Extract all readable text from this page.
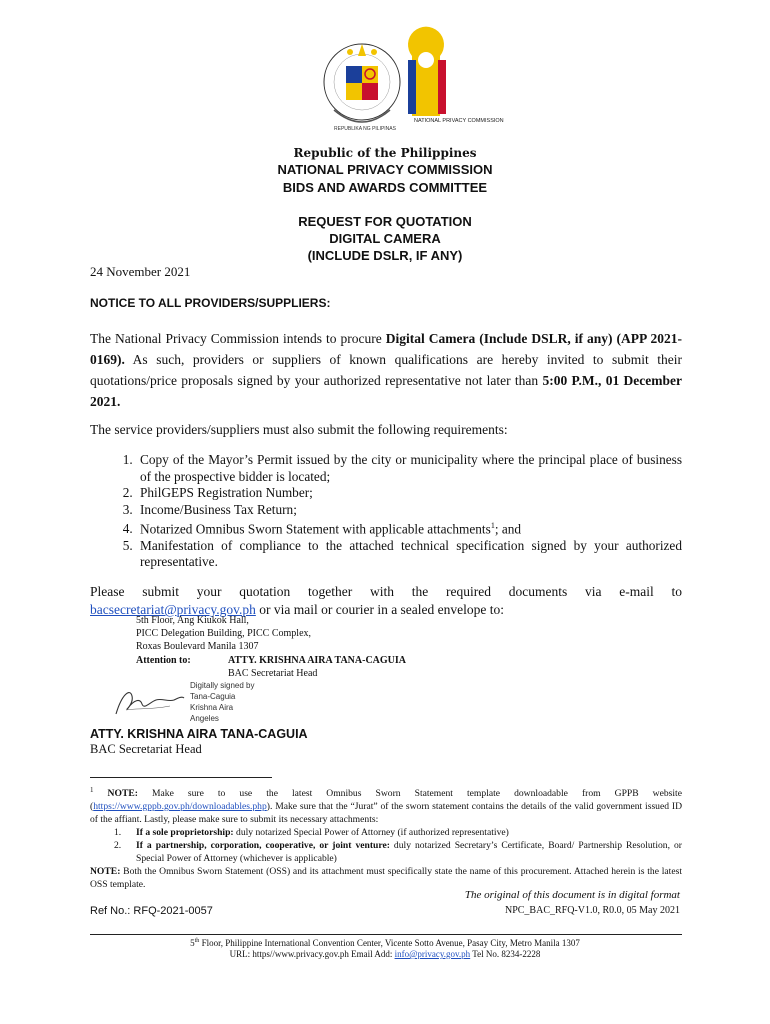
NATIONAL PRIVACY COMMISSION
REPUBLIKA NG PILIPINAS
Republic of the Philippines
NATIONAL PRIVACY COMMISSION
BIDS AND AWARDS COMMITTEE
REQUEST FOR QUOTATION
DIGITAL CAMERA
(INCLUDE DSLR, IF ANY)
24 November 2021
NOTICE TO ALL PROVIDERS/SUPPLIERS:
The National Privacy Commission intends to procure Digital Camera (Include DSLR, if any) (APP 2021-0169). As such, providers or suppliers of known qualifications are hereby invited to submit their quotations/price proposals signed by your authorized representative not later than 5:00 P.M., 01 December 2021.
The service providers/suppliers must also submit the following requirements:
1. Copy of the Mayor’s Permit issued by the city or municipality where the principal place of business of the prospective bidder is located;
2. PhilGEPS Registration Number;
3. Income/Business Tax Return;
4. Notarized Omnibus Sworn Statement with applicable attachments$^1$; and
5. Manifestation of compliance to the attached technical specification signed by your authorized representative.
Please submit your quotation together with the required documents via e-mail to bacsecretariat@privacy.gov.ph or via mail or courier in a sealed envelope to:
5th Floor, Ang Kiukok Hall,
PICC Delegation Building, PICC Complex,
Roxas Boulevard Manila 1307
Attention to:	ATTY. KRISHNA AIRA TANA-CAGUIA
BAC Secretariat Head
Digitally signed by
Tana-Caguia
Krishna Aira
Angeles
ATTY. KRISHNA AIRA TANA-CAGUIA
BAC Secretariat Head
$^1$ NOTE: Make sure to use the latest Omnibus Sworn Statement template downloadable from GPPB website (https://www.gppb.gov.ph/downloadables.php). Make sure that the “Jurat” of the sworn statement contains the details of the valid government issued ID of the affiant. Lastly, please make sure to submit its necessary attachments:
1. If a sole proprietorship: duly notarized Special Power of Attorney (if authorized representative)
2. If a partnership, corporation, cooperative, or joint venture: duly notarized Secretary’s Certificate, Board/ Partnership Resolution, or Special Power of Attorney (whichever is applicable)
NOTE: Both the Omnibus Sworn Statement (OSS) and its attachment must specifically state the name of this procurement. Attached herein is the latest OSS template.
The original of this document is in digital format
Ref No.: RFQ-2021-0057	NPC_BAC_RFQ-V1.0, R0.0, 05 May 2021
5th Floor, Philippine International Convention Center, Vicente Sotto Avenue, Pasay City, Metro Manila 1307
URL: https//www.privacy.gov.ph Email Add: info@privacy.gov.ph Tel No. 8234-2228
